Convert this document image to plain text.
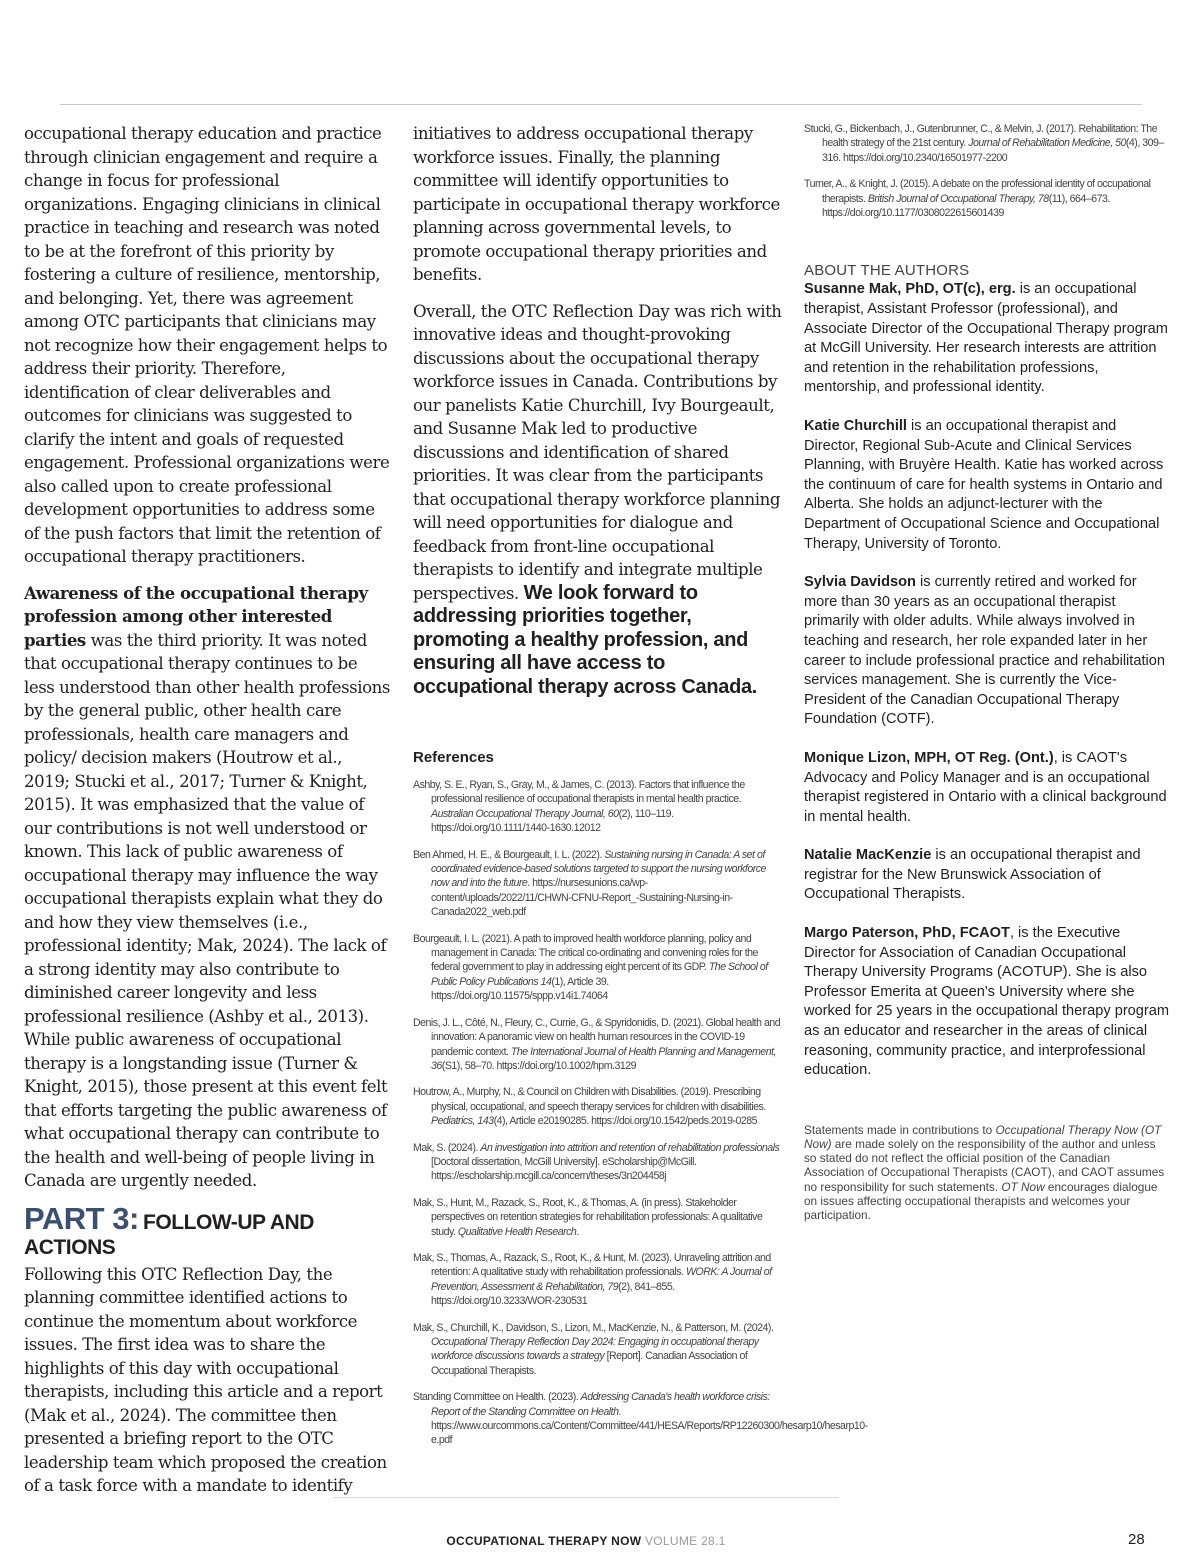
occupational therapy education and practice through clinician engagement and require a change in focus for professional organizations. Engaging clinicians in clinical practice in teaching and research was noted to be at the forefront of this priority by fostering a culture of resilience, mentorship, and belonging. Yet, there was agreement among OTC participants that clinicians may not recognize how their engagement helps to address their priority. Therefore, identification of clear deliverables and outcomes for clinicians was suggested to clarify the intent and goals of requested engagement. Professional organizations were also called upon to create professional development opportunities to address some of the push factors that limit the retention of occupational therapy practitioners.

Awareness of the occupational therapy profession among other interested parties was the third priority. It was noted that occupational therapy continues to be less understood than other health professions by the general public, other health care professionals, health care managers and policy/ decision makers (Houtrow et al., 2019; Stucki et al., 2017; Turner & Knight, 2015). It was emphasized that the value of our contributions is not well understood or known. This lack of public awareness of occupational therapy may influence the way occupational therapists explain what they do and how they view themselves (i.e., professional identity; Mak, 2024). The lack of a strong identity may also contribute to diminished career longevity and less professional resilience (Ashby et al., 2013). While public awareness of occupational therapy is a longstanding issue (Turner & Knight, 2015), those present at this event felt that efforts targeting the public awareness of what occupational therapy can contribute to the health and well-being of people living in Canada are urgently needed.

PART 3: FOLLOW-UP AND ACTIONS

Following this OTC Reflection Day, the planning committee identified actions to continue the momentum about workforce issues. The first idea was to share the highlights of this day with occupational therapists, including this article and a report (Mak et al., 2024). The committee then presented a briefing report to the OTC leadership team which proposed the creation of a task force with a mandate to identify

initiatives to address occupational therapy workforce issues. Finally, the planning committee will identify opportunities to participate in occupational therapy workforce planning across governmental levels, to promote occupational therapy priorities and benefits.

Overall, the OTC Reflection Day was rich with innovative ideas and thought-provoking discussions about the occupational therapy workforce issues in Canada. Contributions by our panelists Katie Churchill, Ivy Bourgeault, and Susanne Mak led to productive discussions and identification of shared priorities. It was clear from the participants that occupational therapy workforce planning will need opportunities for dialogue and feedback from front-line occupational therapists to identify and integrate multiple perspectives. We look forward to addressing priorities together, promoting a healthy profession, and ensuring all have access to occupational therapy across Canada.

References

Ashby, S. E., Ryan, S., Gray, M., & James, C. (2013). Factors that influence the professional resilience of occupational therapists in mental health practice. Australian Occupational Therapy Journal, 60(2), 110–119. https://doi.org/10.1111/1440-1630.12012

Ben Ahmed, H. E., & Bourgeault, I. L. (2022). Sustaining nursing in Canada: A set of coordinated evidence-based solutions targeted to support the nursing workforce now and into the future. https://nursesunions.ca/wp-content/uploads/2022/11/CHWN-CFNU-Report_-Sustaining-Nursing-in-Canada2022_web.pdf

Bourgeault, I. L. (2021). A path to improved health workforce planning, policy and management in Canada: The critical co-ordinating and convening roles for the federal government to play in addressing eight percent of its GDP. The School of Public Policy Publications 14(1), Article 39. https://doi.org/10.11575/sppp.v14i1.74064

Denis, J. L., Côté, N., Fleury, C., Currie, G., & Spyridonidis, D. (2021). Global health and innovation: A panoramic view on health human resources in the COVID-19 pandemic context. The International Journal of Health Planning and Management, 36(S1), 58–70. https://doi.org/10.1002/hpm.3129

Houtrow, A., Murphy, N., & Council on Children with Disabilities. (2019). Prescribing physical, occupational, and speech therapy services for children with disabilities. Pediatrics, 143(4), Article e20190285. https://doi.org/10.1542/peds.2019-0285

Mak, S. (2024). An investigation into attrition and retention of rehabilitation professionals [Doctoral dissertation, McGill University]. eScholarship@McGill. https://escholarship.mcgill.ca/concern/theses/3n204458j

Mak, S., Hunt, M., Razack, S., Root, K., & Thomas, A. (in press). Stakeholder perspectives on retention strategies for rehabilitation professionals: A qualitative study. Qualitative Health Research.

Mak, S., Thomas, A., Razack, S., Root, K., & Hunt, M. (2023). Unraveling attrition and retention: A qualitative study with rehabilitation professionals. WORK: A Journal of Prevention, Assessment & Rehabilitation, 79(2), 841–855. https://doi.org/10.3233/WOR-230531

Mak, S., Churchill, K., Davidson, S., Lizon, M., MacKenzie, N., & Patterson, M. (2024). Occupational Therapy Reflection Day 2024: Engaging in occupational therapy workforce discussions towards a strategy [Report]. Canadian Association of Occupational Therapists.

Standing Committee on Health. (2023). Addressing Canada's health workforce crisis: Report of the Standing Committee on Health. https://www.ourcommons.ca/Content/Committee/441/HESA/Reports/RP12260300/hesarp10/hesarp10-e.pdf

Stucki, G., Bickenbach, J., Gutenbrunner, C., & Melvin, J. (2017). Rehabilitation: The health strategy of the 21st century. Journal of Rehabilitation Medicine, 50(4), 309–316. https://doi.org/10.2340/16501977-2200

Turner, A., & Knight, J. (2015). A debate on the professional identity of occupational therapists. British Journal of Occupational Therapy, 78(11), 664–673. https://doi.org/10.1177/0308022615601439

ABOUT THE AUTHORS

Susanne Mak, PhD, OT(c), erg. is an occupational therapist, Assistant Professor (professional), and Associate Director of the Occupational Therapy program at McGill University. Her research interests are attrition and retention in the rehabilitation professions, mentorship, and professional identity.

Katie Churchill is an occupational therapist and Director, Regional Sub-Acute and Clinical Services Planning, with Bruyère Health. Katie has worked across the continuum of care for health systems in Ontario and Alberta. She holds an adjunct-lecturer with the Department of Occupational Science and Occupational Therapy, University of Toronto.

Sylvia Davidson is currently retired and worked for more than 30 years as an occupational therapist primarily with older adults. While always involved in teaching and research, her role expanded later in her career to include professional practice and rehabilitation services management. She is currently the Vice-President of the Canadian Occupational Therapy Foundation (COTF).

Monique Lizon, MPH, OT Reg. (Ont.), is CAOT's Advocacy and Policy Manager and is an occupational therapist registered in Ontario with a clinical background in mental health.

Natalie MacKenzie is an occupational therapist and registrar for the New Brunswick Association of Occupational Therapists.

Margo Paterson, PhD, FCAOT, is the Executive Director for Association of Canadian Occupational Therapy University Programs (ACOTUP). She is also Professor Emerita at Queen's University where she worked for 25 years in the occupational therapy program as an educator and researcher in the areas of clinical reasoning, community practice, and interprofessional education.

Statements made in contributions to Occupational Therapy Now (OT Now) are made solely on the responsibility of the author and unless so stated do not reflect the official position of the Canadian Association of Occupational Therapists (CAOT), and CAOT assumes no responsibility for such statements. OT Now encourages dialogue on issues affecting occupational therapists and welcomes your participation.
OCCUPATIONAL THERAPY NOW VOLUME 28.1	28
